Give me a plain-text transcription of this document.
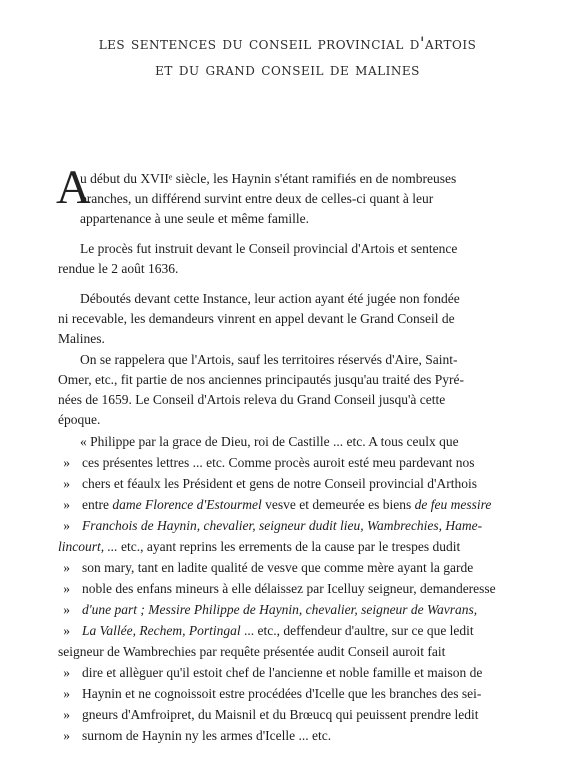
les sentences du conseil provincial d'artois
et du grand conseil de malines
A
u début du XVIIᵉ siècle, les Haynin s'étant ramifiés en de nombreuses
branches, un différend survint entre deux de celles-ci quant à leur
appartenance à une seule et même famille.
Le procès fut instruit devant le Conseil provincial d'Artois et sentence
rendue le 2 août 1636.
Déboutés devant cette Instance, leur action ayant été jugée non fondée
ni recevable, les demandeurs vinrent en appel devant le Grand Conseil de
Malines.
On se rappelera que l'Artois, sauf les territoires réservés d'Aire, Saint-
Omer, etc., fit partie de nos anciennes principautés jusqu'au traité des Pyré-
nées de 1659. Le Conseil d'Artois releva du Grand Conseil jusqu'à cette
époque.
« Philippe par la grace de Dieu, roi de Castille ... etc. A tous ceulx que
» ces présentes lettres ... etc. Comme procès auroit esté meu pardevant nos
» chers et féaulx les Président et gens de notre Conseil provincial d'Arthois
» entre dame Florence d'Estourmel vesve et demeurée es biens de feu messire
» Franchois de Haynin, chevalier, seigneur dudit lieu, Wambrechies, Hame-
lincourt, ... etc., ayant reprins les errements de la cause par le trespes dudit
» son mary, tant en ladite qualité de vesve que comme mère ayant la garde
» noble des enfans mineurs à elle délaissez par Icelluy seigneur, demanderesse
» d'une part ; Messire Philippe de Haynin, chevalier, seigneur de Wavrans,
» La Vallée, Rechem, Portingal ... etc., deffendeur d'aultre, sur ce que ledit
seigneur de Wambrechies par requête présentée audit Conseil auroit fait
» dire et allèguer qu'il estoit chef de l'ancienne et noble famille et maison de
» Haynin et ne cognoissoit estre procédées d'Icelle que les branches des sei-
» gneurs d'Amfroipret, du Maisnil et du Brœucq qui peuissent prendre ledit
» surnom de Haynin ny les armes d'Icelle ... etc.
